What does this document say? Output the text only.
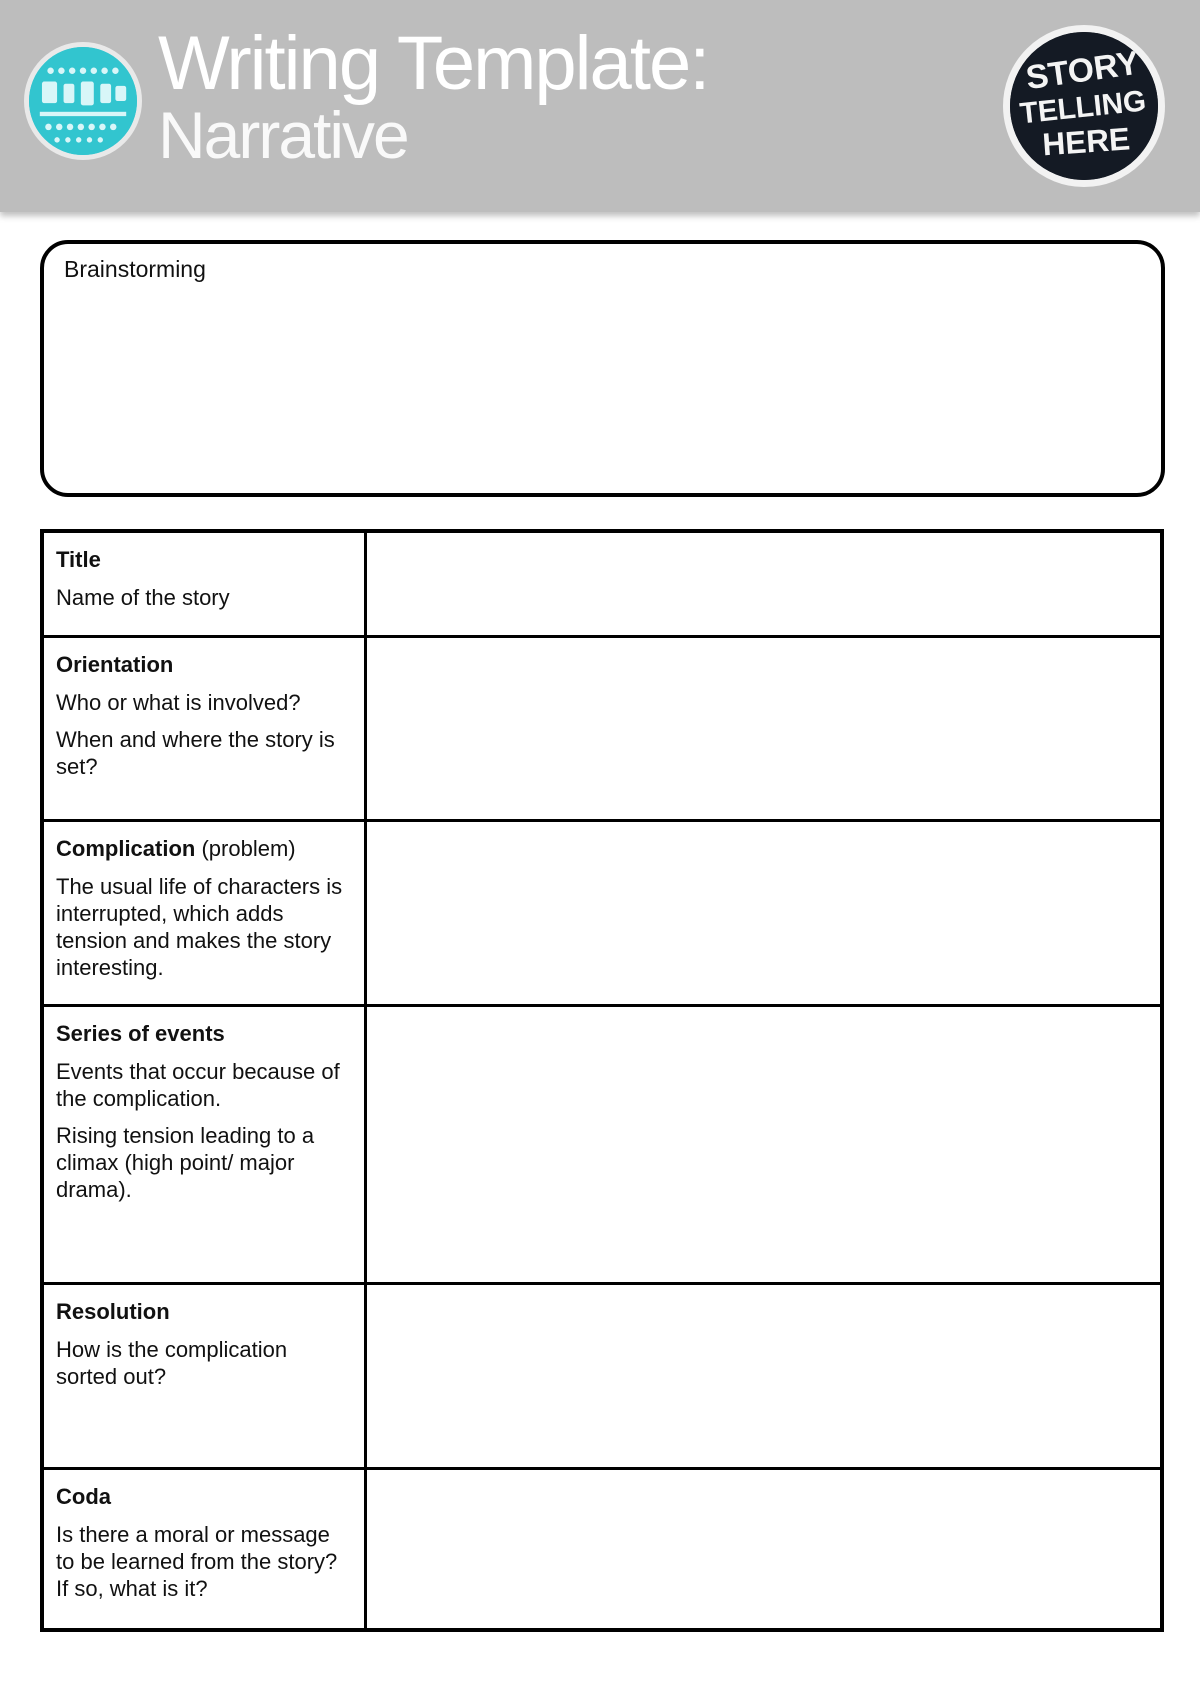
Writing Template:
Narrative
STORY
TELLING
HERE
Brainstorming
Title
Name of the story	

Orientation
Who or what is involved?
When and where the story is set?	

Complication (problem)
The usual life of characters is interrupted, which adds tension and makes the story interesting.	

Series of events
Events that occur because of the complication.
Rising tension leading to a climax (high point/ major drama).	

Resolution
How is the complication sorted out?	

Coda
Is there a moral or message to be learned from the story? If so, what is it?	
